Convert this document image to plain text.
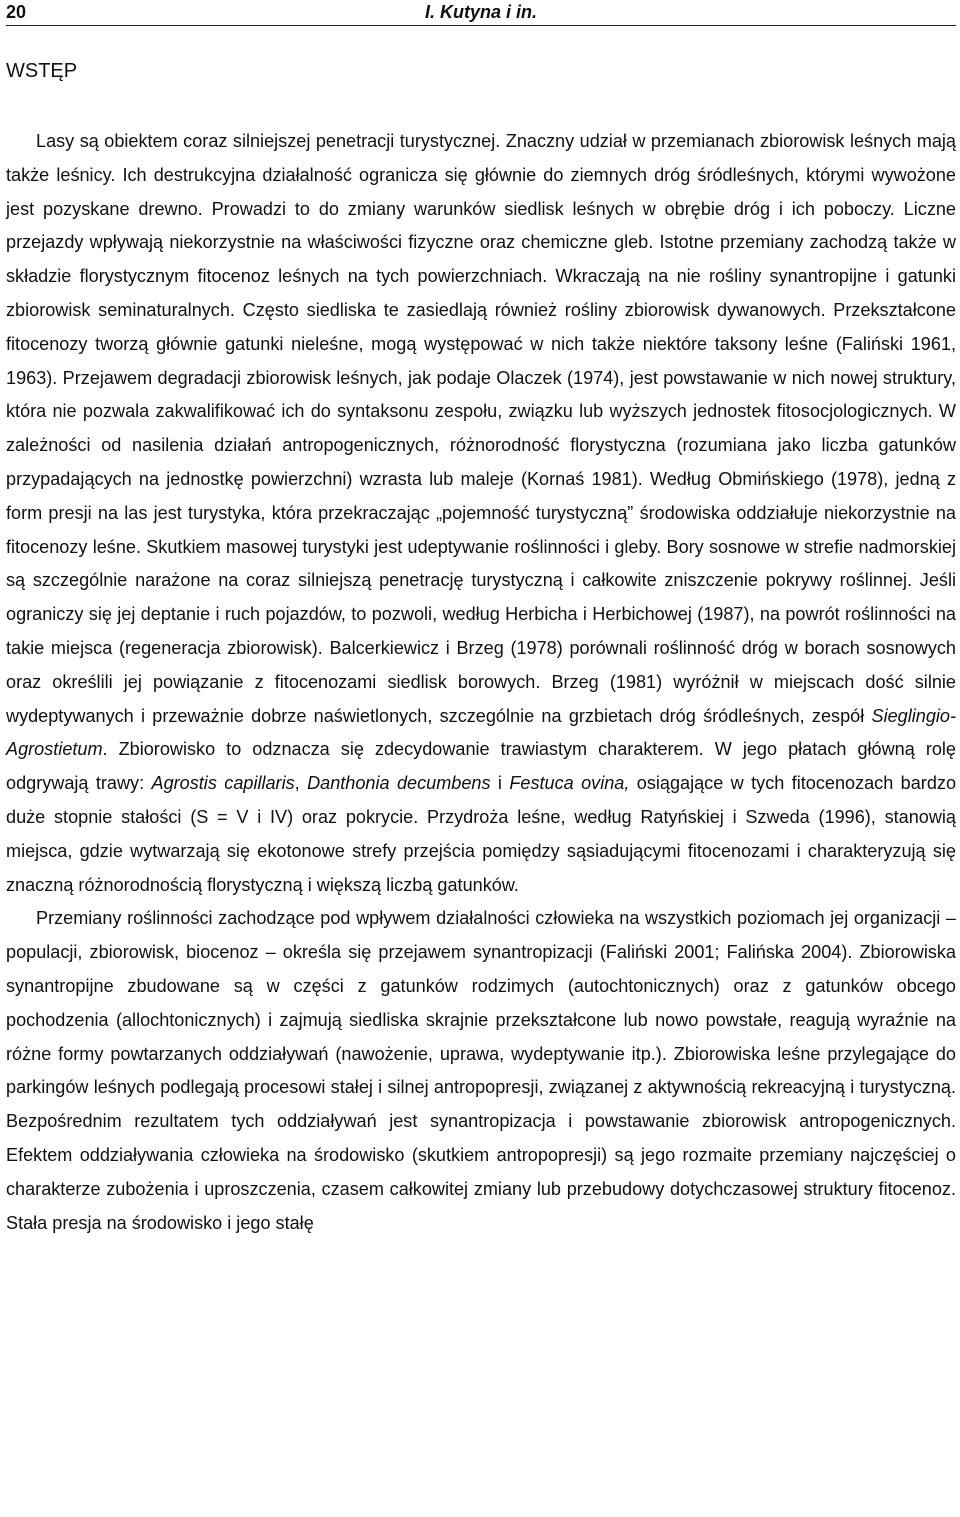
20	I. Kutyna i in.
WSTĘP

Lasy są obiektem coraz silniejszej penetracji turystycznej. Znaczny udział w przemianach zbiorowisk leśnych mają także leśnicy. Ich destrukcyjna działalność ogranicza się głównie do ziemnych dróg śródleśnych, którymi wywożone jest pozyskane drewno. Prowadzi to do zmiany warunków siedlisk leśnych w obrębie dróg i ich poboczy. Liczne przejazdy wpływają niekorzystnie na właściwości fizyczne oraz chemiczne gleb. Istotne przemiany zachodzą także w składzie florystycznym fitocenoz leśnych na tych powierzchniach. Wkraczają na nie rośliny synantropijne i gatunki zbiorowisk seminaturalnych. Często siedliska te zasiedlają również rośliny zbiorowisk dywanowych. Przekształcone fitocenozy tworzą głównie gatunki nieleśne, mogą występować w nich także niektóre taksony leśne (Faliński 1961, 1963). Przejawem degradacji zbiorowisk leśnych, jak podaje Olaczek (1974), jest powstawanie w nich nowej struktury, która nie pozwala zakwalifikować ich do syntaksonu zespołu, związku lub wyższych jednostek fitosocjologicznych. W zależności od nasilenia działań antropogenicznych, różnorodność florystyczna (rozumiana jako liczba gatunków przypadających na jednostkę powierzchni) wzrasta lub maleje (Kornaś 1981). Według Obmińskiego (1978), jedną z form presji na las jest turystyka, która przekraczając „pojemność turystyczną” środowiska oddziałuje niekorzystnie na fitocenozy leśne. Skutkiem masowej turystyki jest udeptywanie roślinności i gleby. Bory sosnowe w strefie nadmorskiej są szczególnie narażone na coraz silniejszą penetrację turystyczną i całkowite zniszczenie pokrywy roślinnej. Jeśli ograniczy się jej deptanie i ruch pojazdów, to pozwoli, według Herbicha i Herbichowej (1987), na powrót roślinności na takie miejsca (regeneracja zbiorowisk). Balcerkiewicz i Brzeg (1978) porównali roślinność dróg w borach sosnowych oraz określili jej powiązanie z fitocenozami siedlisk borowych. Brzeg (1981) wyróżnił w miejscach dość silnie wydeptywanych i przeważnie dobrze naświetlonych, szczególnie na grzbietach dróg śródleśnych, zespół Sieglingio-Agrostietum. Zbiorowisko to odznacza się zdecydowanie trawiastym charakterem. W jego płatach główną rolę odgrywają trawy: Agrostis capillaris, Danthonia decumbens i Festuca ovina, osiągające w tych fitocenozach bardzo duże stopnie stałości (S = V i IV) oraz pokrycie. Przydroża leśne, według Ratyńskiej i Szweda (1996), stanowią miejsca, gdzie wytwarzają się ekotonowe strefy przejścia pomiędzy sąsiadującymi fitocenozami i charakteryzują się znaczną różnorodnością florystyczną i większą liczbą gatunków.

Przemiany roślinności zachodzące pod wpływem działalności człowieka na wszystkich poziomach jej organizacji – populacji, zbiorowisk, biocenoz – określa się przejawem synantropizacji (Faliński 2001; Falińska 2004). Zbiorowiska synantropijne zbudowane są w części z gatunków rodzimych (autochtonicznych) oraz z gatunków obcego pochodzenia (allochtonicznych) i zajmują siedliska skrajnie przekształcone lub nowo powstałe, reagują wyraźnie na różne formy powtarzanych oddziaływań (nawożenie, uprawa, wydeptywanie itp.). Zbiorowiska leśne przylegające do parkingów leśnych podlegają procesowi stałej i silnej antropopresji, związanej z aktywnością rekreacyjną i turystyczną. Bezpośrednim rezultatem tych oddziaływań jest synantropizacja i powstawanie zbiorowisk antropogenicznych. Efektem oddziaływania człowieka na środowisko (skutkiem antropopresji) są jego rozmaite przemiany najczęściej o charakterze zubożenia i uproszczenia, czasem całkowitej zmiany lub przebudowy dotychczasowej struktury fitocenoz. Stała presja na środowisko i jego stałę
